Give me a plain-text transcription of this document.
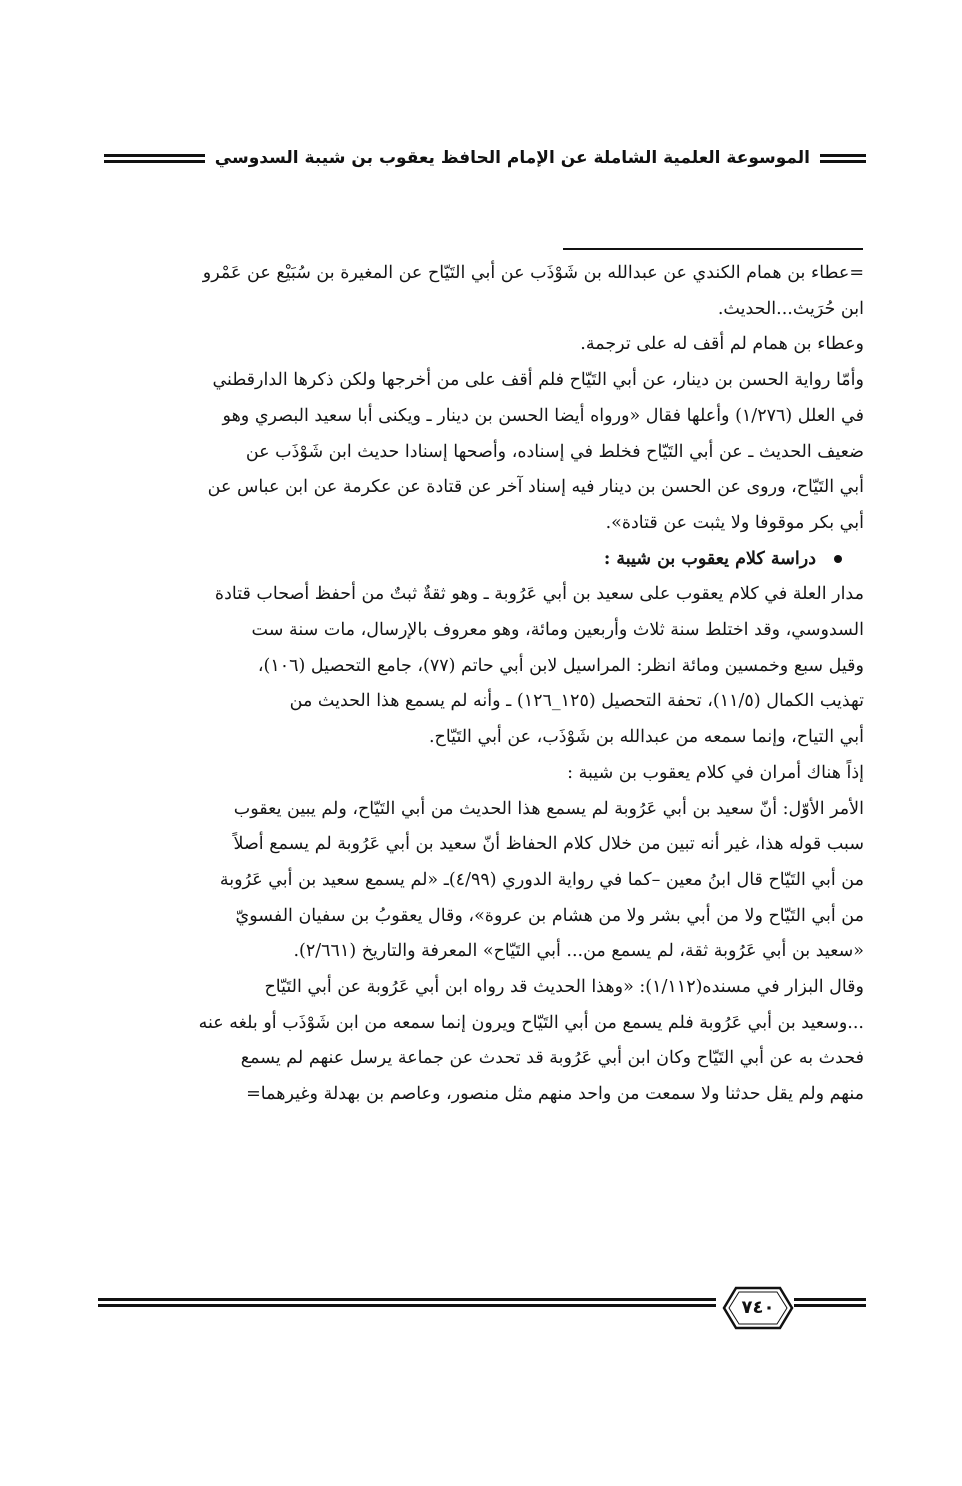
الموسوعة العلمية الشاملة عن الإمام الحافظ يعقوب بن شيبة السدوسي
=عطاء بن همام الكندي عن عبدالله بن شَوْذَب عن أبي التَيّاح عن المغيرة بن سُبَيْع عن عَمْرو
ابن حُرَيث...الحديث.
وعطاء بن همام لم أقف له على ترجمة.
وأمّا رواية الحسن بن دينار، عن أبي التَيّاح فلم أقف على من أخرجها ولكن ذكرها الدارقطني
في العلل (١/٢٧٦) وأعلها فقال «ورواه أيضا الحسن بن دينار ـ ويكنى أبا سعيد البصري وهو
ضعيف الحديث ـ عن أبي التَيّاح فخلط في إسناده، وأصحها إسنادا حديث ابن شَوْذَب عن
أبي التَيّاح، وروى عن الحسن بن دينار فيه إسناد آخر عن قتادة عن عكرمة عن ابن عباس عن
أبي بكر موقوفا ولا يثبت عن قتادة».
دراسة كلام يعقوب بن شيبة :
مدار العلة في كلام يعقوب على سعيد بن أبي عَرُوبة ـ وهو ثقةٌ ثبتٌ من أحفظ أصحاب قتادة
السدوسي، وقد اختلط سنة ثلاث وأربعين ومائة، وهو معروف بالإرسال، مات سنة ست
وقيل سبع وخمسين ومائة انظر: المراسيل لابن أبي حاتم (٧٧)، جامع التحصيل (١٠٦)،
تهذيب الكمال (١١/٥)، تحفة التحصيل (١٢٥_١٢٦) ـ وأنه لم يسمع هذا الحديث من
أبي التياح، وإنما سمعه من عبدالله بن شَوْذَب، عن أبي التَيّاح.
إذاً هناك أمران في كلام يعقوب بن شيبة :
الأمر الأوّل: أنّ سعيد بن أبي عَرُوبة لم يسمع هذا الحديث من أبي التَيّاح، ولم يبين يعقوب
سبب قوله هذا، غير أنه تبين من خلال كلام الحفاظ أنّ سعيد بن أبي عَرُوبة لم يسمع أصلاً
من أبي التَيّاح قال ابنُ معين –كما في رواية الدوري (٤/٩٩)ـ «لم يسمع سعيد بن أبي عَرُوبة
من أبي التَيّاح ولا من أبي بشر ولا من هشام بن عروة»، وقال يعقوبُ بن سفيان الفسويّ
«سعيد بن أبي عَرُوبة ثقة، لم يسمع من... أبي التَيّاح» المعرفة والتاريخ (٢/٦٦١).
وقال البزار في مسنده(١/١١٢): «وهذا الحديث قد رواه ابن أبي عَرُوبة عن أبي التَيّاح
...وسعيد بن أبي عَرُوبة فلم يسمع من أبي التَيّاح ويرون إنما سمعه من ابن شَوْذَب أو بلغه عنه
فحدث به عن أبي التَيّاح وكان ابن أبي عَرُوبة قد تحدث عن جماعة يرسل عنهم لم يسمع
منهم ولم يقل حدثنا ولا سمعت من واحد منهم مثل منصور، وعاصم بن بهدلة وغيرهما=
٧٤٠
